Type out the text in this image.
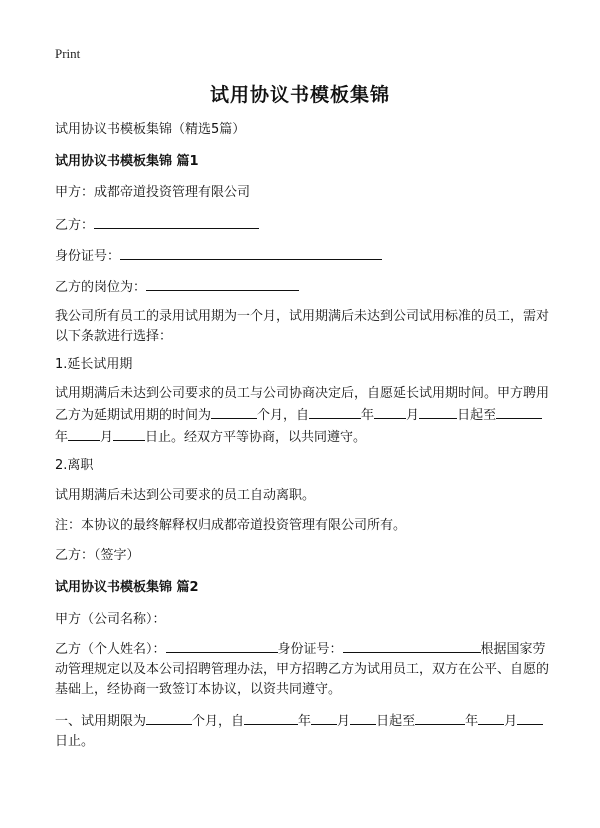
Print
试用协议书模板集锦
试用协议书模板集锦（精选5篇）
试用协议书模板集锦 篇1
甲方：成都帝道投资管理有限公司
乙方：
身份证号：
乙方的岗位为：
我公司所有员工的录用试用期为一个月，试用期满后未达到公司试用标准的员工，需对以下条款进行选择：
1.延长试用期
试用期满后未达到公司要求的员工与公司协商决定后，自愿延长试用期时间。甲方聘用乙方为延期试用期的时间为	个月，自	年 月	日起至年 月 日止。经双方平等协商，以共同遵守。
2.离职
试用期满后未达到公司要求的员工自动离职。
注：本协议的最终解释权归成都帝道投资管理有限公司所有。
乙方：（签字）
试用协议书模板集锦 篇2
甲方（公司名称）：
乙方（个人姓名）：	身份证号：	根据国家劳动管理规定以及本公司招聘管理办法，甲方招聘乙方为试用员工，双方在公平、自愿的基础上，经协商一致签订本协议，以资共同遵守。
一、试用期限为	个月，自	年 月 日起至	年 月日止。
